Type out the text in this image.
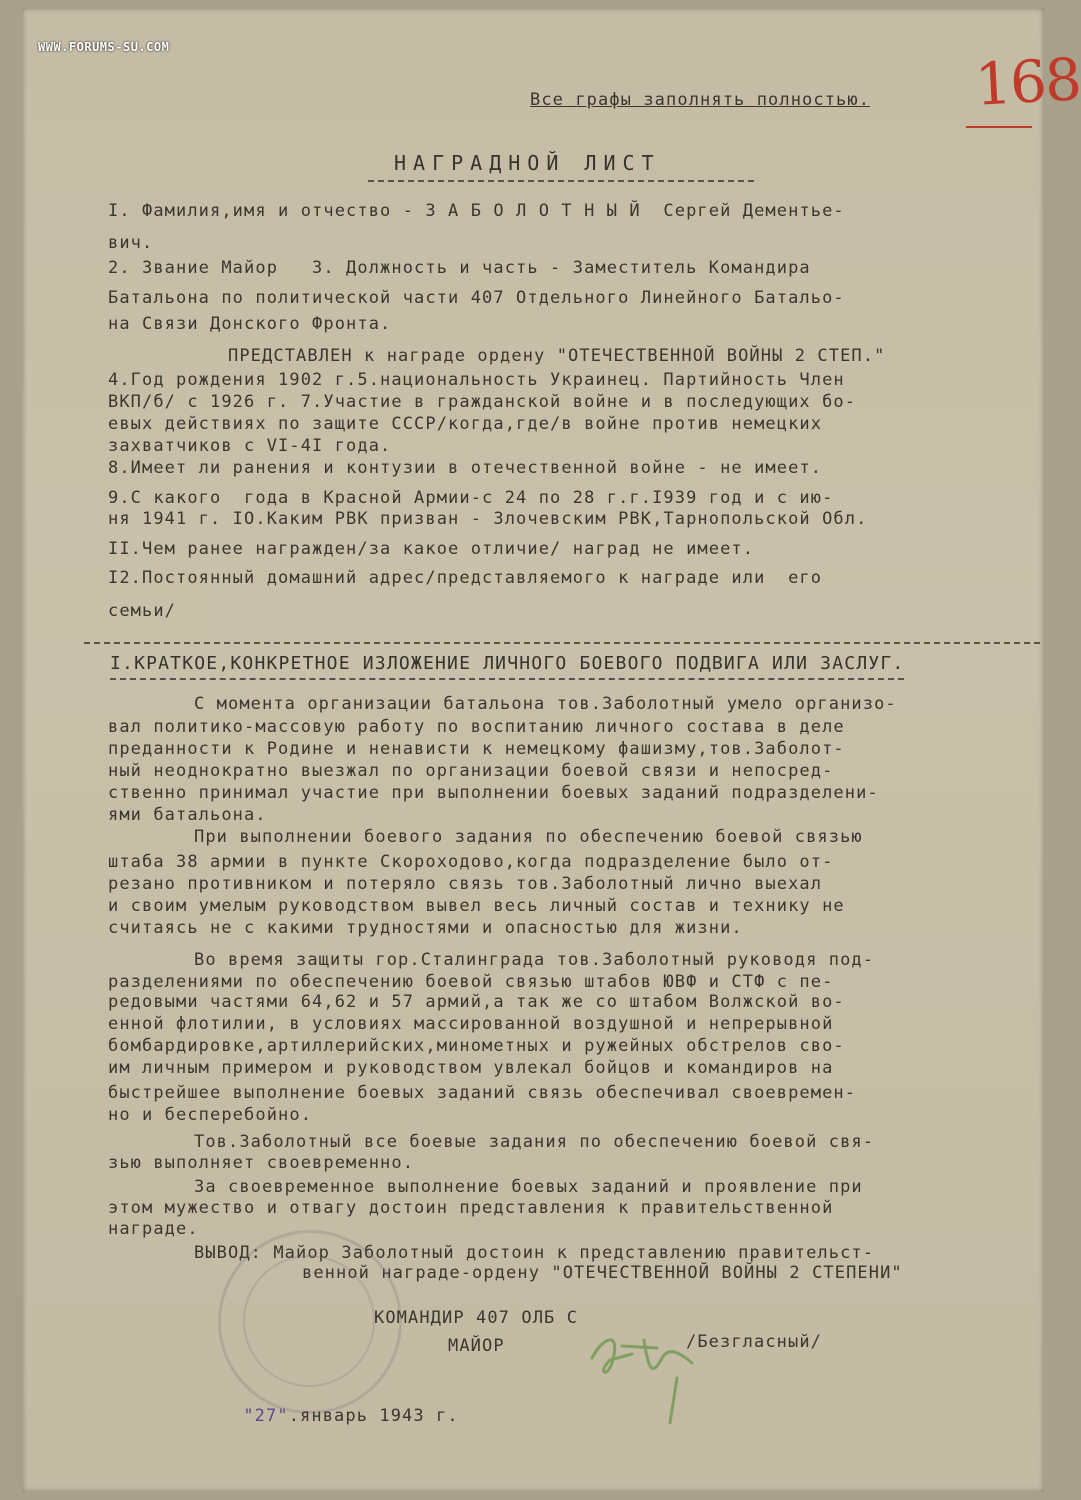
WWW.FORUMS-SU.COM	168
Все графы заполнять полностью.
НАГРАДНОЙ ЛИСТ
I. Фамилия,имя и отчество - З А Б О Л О Т Н Ы Й  Сергей Дементье-
вич.
2. Звание Майор   3. Должность и часть - Заместитель Командира
Батальона по политической части 407 Отдельного Линейного Батальо-
на Связи Донского Фронта.
ПРЕДСТАВЛЕН к награде ордену "ОТЕЧЕСТВЕННОЙ ВОЙНЫ 2 СТЕП."
4.Год рождения 1902 г.5.национальность Украинец. Партийность Член
ВКП/б/ с 1926 г. 7.Участие в гражданской войне и в последующих бо-
евых действиях по защите СССР/когда,где/в войне против немецких
захватчиков с VI-4I года.
8.Имеет ли ранения и контузии в отечественной войне - не имеет.
9.С какого  года в Красной Армии-с 24 по 28 г.г.I939 год и с ию-
ня 1941 г. IO.Каким РВК призван - Злочевским РВК,Тарнопольской Обл.
II.Чем ранее награжден/за какое отличие/ наград не имеет.
I2.Постоянный домашний адрес/представляемого к награде или  его
семьи/
I.КРАТКОЕ,КОНКРЕТНОЕ ИЗЛОЖЕНИЕ ЛИЧНОГО БОЕВОГО ПОДВИГА ИЛИ ЗАСЛУГ.
С момента организации батальона тов.Заболотный умело организо-
вал политико-массовую работу по воспитанию личного состава в деле
преданности к Родине и ненависти к немецкому фашизму,тов.Заболот-
ный неоднократно выезжал по организации боевой связи и непосред-
ственно принимал участие при выполнении боевых заданий подразделени-
ями батальона.
При выполнении боевого задания по обеспечению боевой связью
штаба 38 армии в пункте Скороходово,когда подразделение было от-
резано противником и потеряло связь тов.Заболотный лично выехал
и своим умелым руководством вывел весь личный состав и технику не
считаясь не с какими трудностями и опасностью для жизни.
Во время защиты гор.Сталинграда тов.Заболотный руководя под-
разделениями по обеспечению боевой связью штабов ЮВФ и СТФ с пе-
редовыми частями 64,62 и 57 армий,а так же со штабом Волжской во-
енной флотилии, в условиях массированной воздушной и непрерывной
бомбардировке,артиллерийских,минометных и ружейных обстрелов сво-
им личным примером и руководством увлекал бойцов и командиров на
быстрейшее выполнение боевых заданий связь обеспечивал своевремен-
но и бесперебойно.
Тов.Заболотный все боевые задания по обеспечению боевой свя-
зью выполняет своевременно.
За своевременное выполнение боевых заданий и проявление при
этом мужество и отвагу достоин представления к правительственной
награде.
ВЫВОД: Майор Заболотный достоин к представлению правительст-
венной награде-ордену "ОТЕЧЕСТВЕННОЙ ВОЙНЫ 2 СТЕПЕНИ"
КОМАНДИР 407 ОЛБ С
МАЙОР	/Безгласный/

"27".январь 1943 г.
